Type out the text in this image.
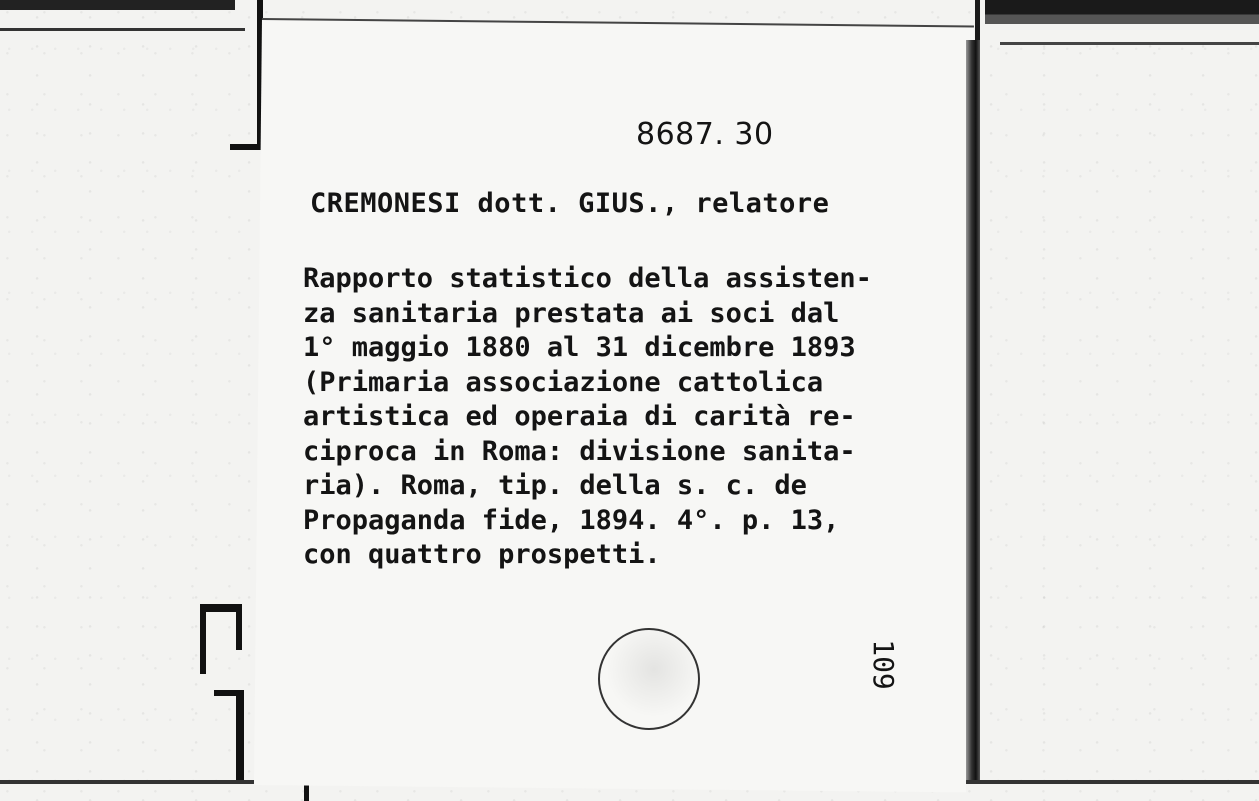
8687. 30
CREMONESI dott. GIUS., relatore
Rapporto statistico della assisten-
za sanitaria prestata ai soci dal
1° maggio 1880 al 31 dicembre 1893
(Primaria associazione cattolica
artistica ed operaia di carità re-
ciproca in Roma: divisione sanita-
ria). Roma, tip. della s. c. de
Propaganda fide, 1894. 4°. p. 13,
con quattro prospetti.
109
